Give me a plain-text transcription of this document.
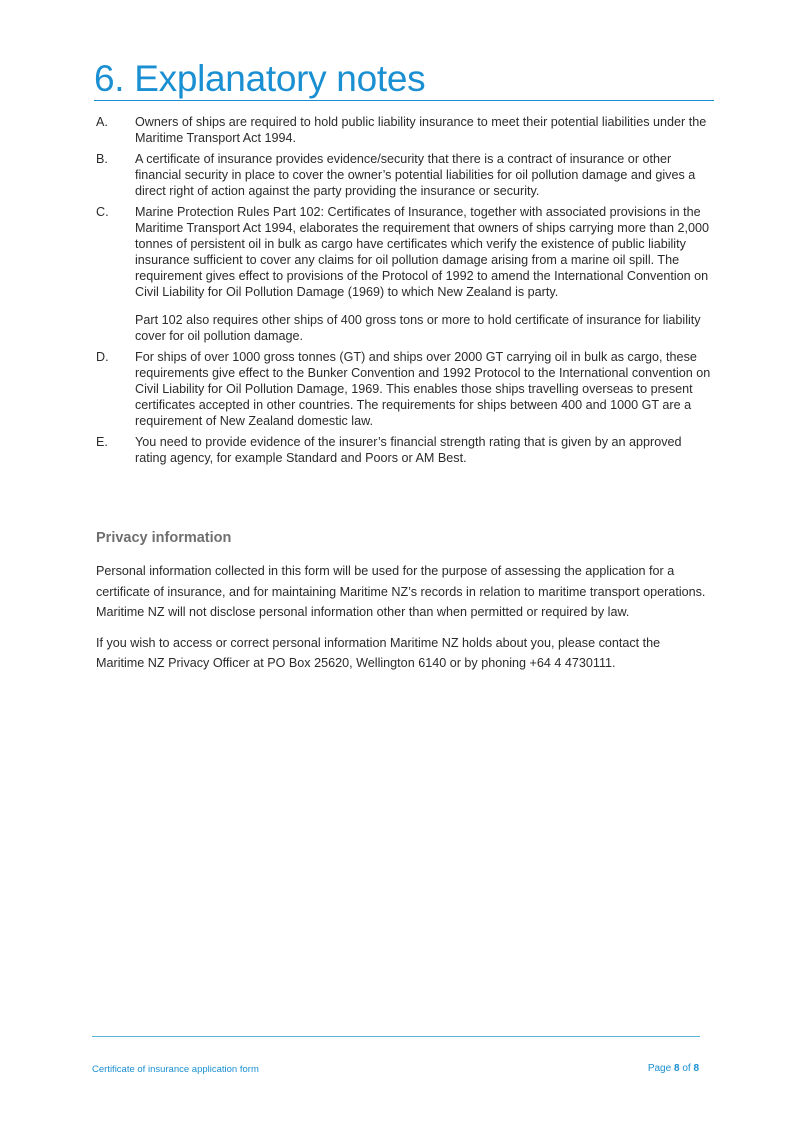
6. Explanatory notes
A.	Owners of ships are required to hold public liability insurance to meet their potential liabilities under the Maritime Transport Act 1994.

B.	A certificate of insurance provides evidence/security that there is a contract of insurance or other financial security in place to cover the owner’s potential liabilities for oil pollution damage and gives a direct right of action against the party providing the insurance or security.

C.	Marine Protection Rules Part 102: Certificates of Insurance, together with associated provisions in the Maritime Transport Act 1994, elaborates the requirement that owners of ships carrying more than 2,000 tonnes of persistent oil in bulk as cargo have certificates which verify the existence of public liability insurance sufficient to cover any claims for oil pollution damage arising from a marine oil spill. The requirement gives effect to provisions of the Protocol of 1992 to amend the International Convention on Civil Liability for Oil Pollution Damage (1969) to which New Zealand is party.

Part 102 also requires other ships of 400 gross tons or more to hold certificate of insurance for liability cover for oil pollution damage.

D.	For ships of over 1000 gross tonnes (GT) and ships over 2000 GT carrying oil in bulk as cargo, these requirements give effect to the Bunker Convention and 1992 Protocol to the International convention on Civil Liability for Oil Pollution Damage, 1969. This enables those ships travelling overseas to present certificates accepted in other countries. The requirements for ships between 400 and 1000 GT are a requirement of New Zealand domestic law.

E.	You need to provide evidence of the insurer’s financial strength rating that is given by an approved rating agency, for example Standard and Poors or AM Best.

Privacy information

Personal information collected in this form will be used for the purpose of assessing the application for a certificate of insurance, and for maintaining Maritime NZ’s records in relation to maritime transport operations. Maritime NZ will not disclose personal information other than when permitted or required by law.

If you wish to access or correct personal information Maritime NZ holds about you, please contact the Maritime NZ Privacy Officer at PO Box 25620, Wellington 6140 or by phoning +64 4 4730111.

Certificate of insurance application form	Page 8 of 8
